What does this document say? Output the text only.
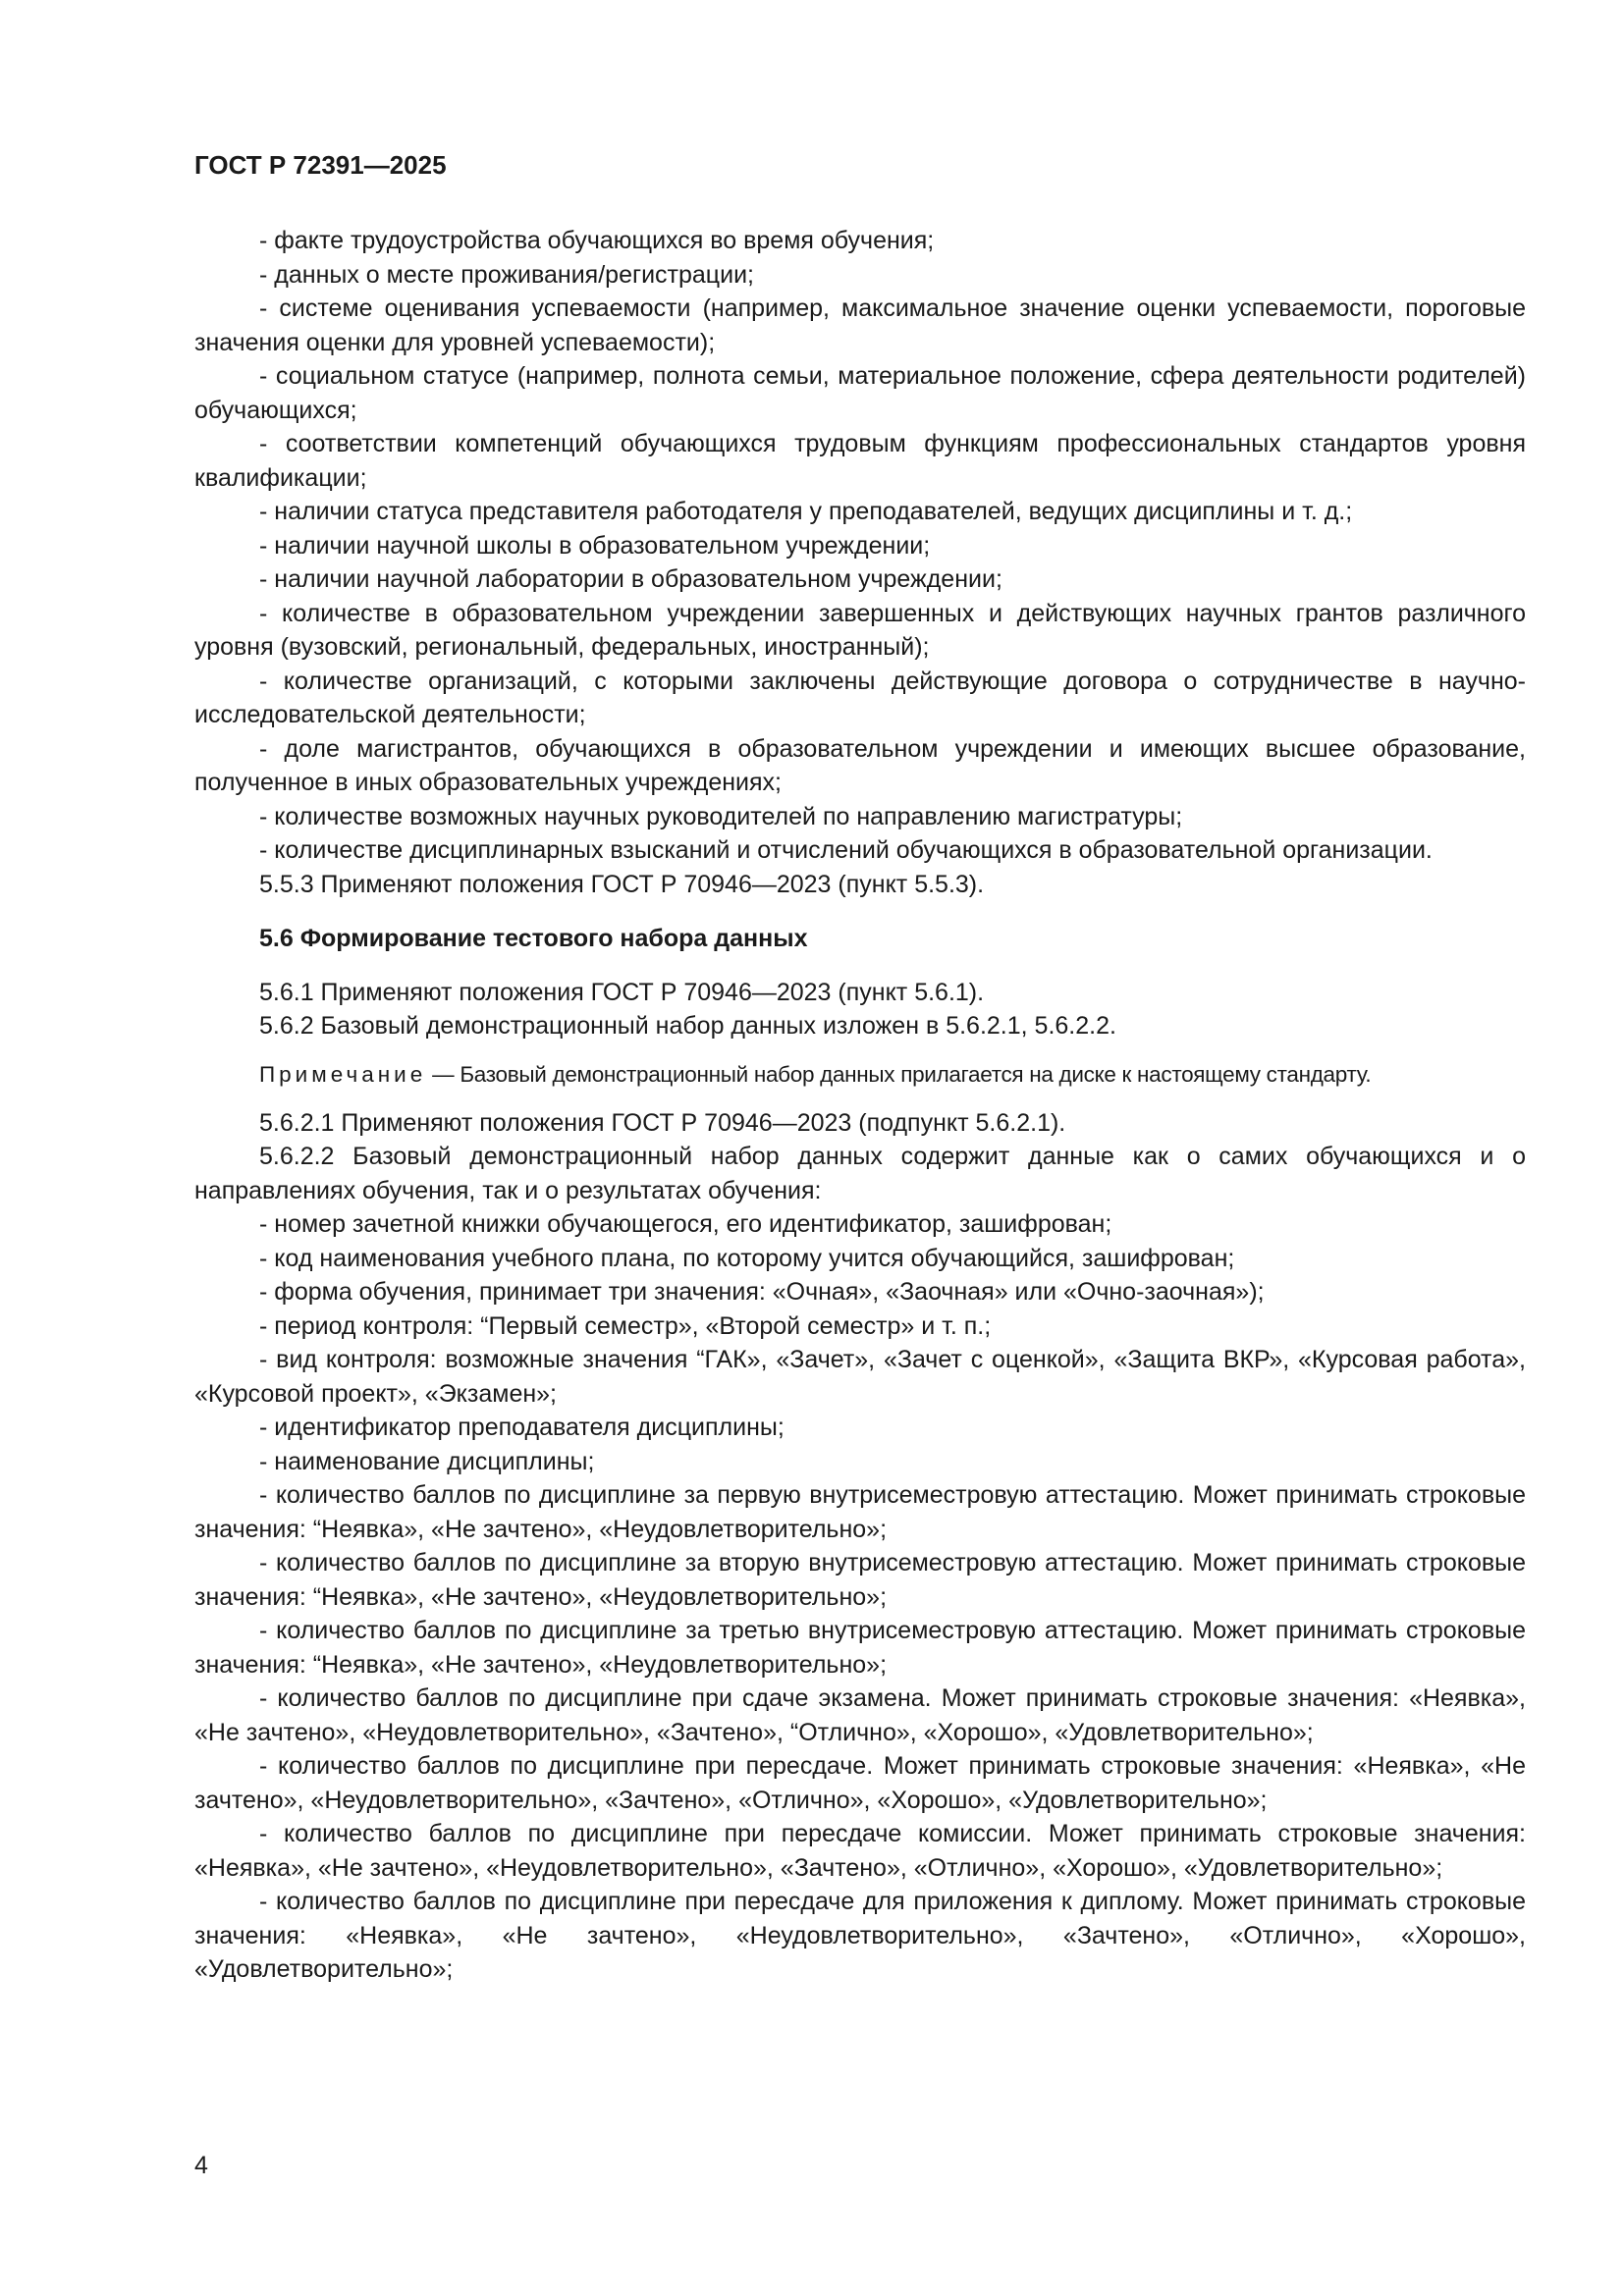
ГОСТ Р 72391—2025

- факте трудоустройства обучающихся во время обучения;

- данных о месте проживания/регистрации;

- системе оценивания успеваемости (например, максимальное значение оценки успеваемости, пороговые значения оценки для уровней успеваемости);

- социальном статусе (например, полнота семьи, материальное положение, сфера деятельности родителей) обучающихся;

- соответствии компетенций обучающихся трудовым функциям профессиональных стандартов уровня квалификации;

- наличии статуса представителя работодателя у преподавателей, ведущих дисциплины и т. д.;

- наличии научной школы в образовательном учреждении;

- наличии научной лаборатории в образовательном учреждении;

- количестве в образовательном учреждении завершенных и действующих научных грантов различного уровня (вузовский, региональный, федеральных, иностранный);

- количестве организаций, с которыми заключены действующие договора о сотрудничестве в научно-исследовательской деятельности;

- доле магистрантов, обучающихся в образовательном учреждении и имеющих высшее образование, полученное в иных образовательных учреждениях;

- количестве возможных научных руководителей по направлению магистратуры;

- количестве дисциплинарных взысканий и отчислений обучающихся в образовательной организации.

5.5.3 Применяют положения ГОСТ Р 70946—2023 (пункт 5.5.3).

5.6 Формирование тестового набора данных

5.6.1 Применяют положения ГОСТ Р 70946—2023 (пункт 5.6.1).

5.6.2 Базовый демонстрационный набор данных изложен в 5.6.2.1, 5.6.2.2.

Примечание — Базовый демонстрационный набор данных прилагается на диске к настоящему стандарту.

5.6.2.1 Применяют положения ГОСТ Р 70946—2023 (подпункт 5.6.2.1).

5.6.2.2 Базовый демонстрационный набор данных содержит данные как о самих обучающихся и о направлениях обучения, так и о результатах обучения:

- номер зачетной книжки обучающегося, его идентификатор, зашифрован;

- код наименования учебного плана, по которому учится обучающийся, зашифрован;

- форма обучения, принимает три значения: «Очная», «Заочная» или «Очно-заочная»);

- период контроля: “Первый семестр», «Второй семестр» и т. п.;

- вид контроля: возможные значения “ГАК», «Зачет», «Зачет с оценкой», «Защита ВКР», «Курсовая работа», «Курсовой проект», «Экзамен»;

- идентификатор преподавателя дисциплины;

- наименование дисциплины;

- количество баллов по дисциплине за первую внутрисеместровую аттестацию. Может принимать строковые значения: “Неявка», «Не зачтено», «Неудовлетворительно»;

- количество баллов по дисциплине за вторую внутрисеместровую аттестацию. Может принимать строковые значения: “Неявка», «Не зачтено», «Неудовлетворительно»;

- количество баллов по дисциплине за третью внутрисеместровую аттестацию. Может принимать строковые значения: “Неявка», «Не зачтено», «Неудовлетворительно»;

- количество баллов по дисциплине при сдаче экзамена. Может принимать строковые значения: «Неявка», «Не зачтено», «Неудовлетворительно», «Зачтено», “Отлично», «Хорошо», «Удовлетворительно»;

- количество баллов по дисциплине при пересдаче. Может принимать строковые значения: «Неявка», «Не зачтено», «Неудовлетворительно», «Зачтено», «Отлично», «Хорошо», «Удовлетворительно»;

- количество баллов по дисциплине при пересдаче комиссии. Может принимать строковые значения: «Неявка», «Не зачтено», «Неудовлетворительно», «Зачтено», «Отлично», «Хорошо», «Удовлетворительно»;

- количество баллов по дисциплине при пересдаче для приложения к диплому. Может принимать строковые значения: «Неявка», «Не зачтено», «Неудовлетворительно», «Зачтено», «Отлично», «Хорошо», «Удовлетворительно»;

4
